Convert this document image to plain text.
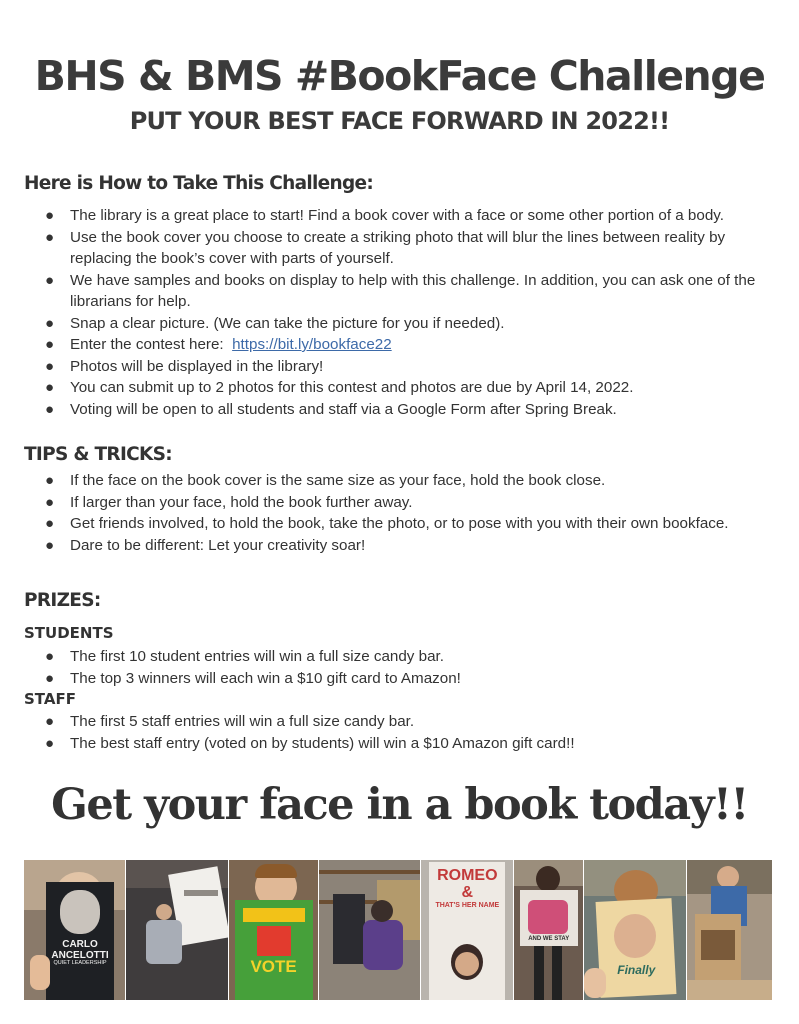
BHS & BMS #BookFace Challenge
PUT YOUR BEST FACE FORWARD IN 2022!!
Here is How to Take This Challenge:
● The library is a great place to start! Find a book cover with a face or some other portion of a body.
● Use the book cover you choose to create a striking photo that will blur the lines between reality by replacing the book’s cover with parts of yourself.
● We have samples and books on display to help with this challenge. In addition, you can ask one of the librarians for help.
● Snap a clear picture. (We can take the picture for you if needed).
● Enter the contest here: https://bit.ly/bookface22
● Photos will be displayed in the library!
● You can submit up to 2 photos for this contest and photos are due by April 14, 2022.
● Voting will be open to all students and staff via a Google Form after Spring Break.
TIPS & TRICKS:
● If the face on the book cover is the same size as your face, hold the book close.
● If larger than your face, hold the book further away.
● Get friends involved, to hold the book, take the photo, or to pose with you with their own bookface.
● Dare to be different: Let your creativity soar!
PRIZES:
STUDENTS
● The first 10 student entries will win a full size candy bar.
● The top 3 winners will each win a $10 gift card to Amazon!
STAFF
● The first 5 staff entries will win a full size candy bar.
● The best staff entry (voted on by students) will win a $10 Amazon gift card!!
Get your face in a book today!!
CARLO
ANCELOTTI
QUIET LEADERSHIP	VOTE
ROMEO &
THAT'S HER NAME
AND WE STAY
Finally
